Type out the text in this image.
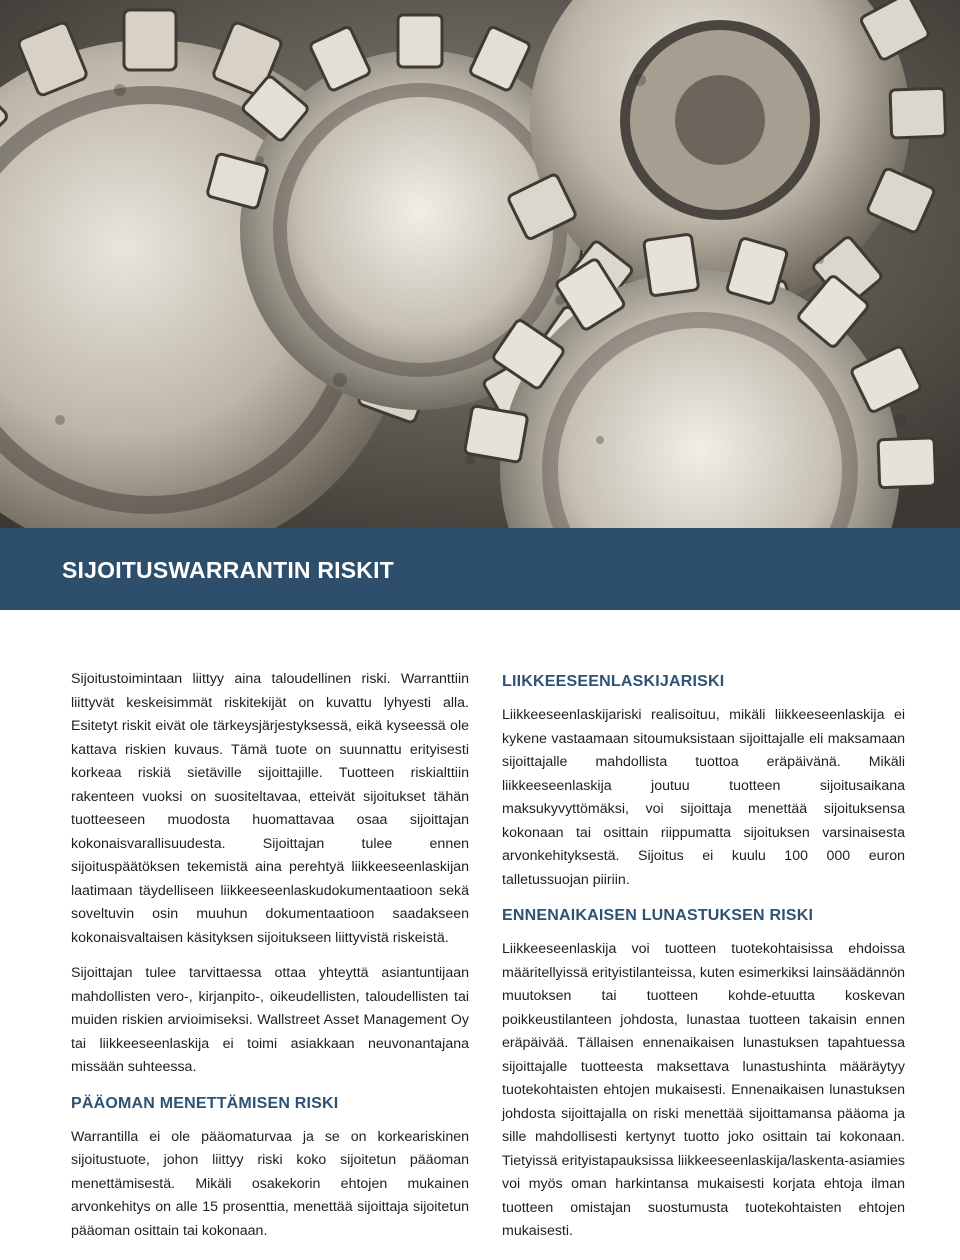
SIJOITUSWARRANTIN RISKIT

Sijoitustoimintaan liittyy aina taloudellinen riski. Warranttiin liittyvät keskeisimmät riskitekijät on kuvattu lyhyesti alla. Esitetyt riskit eivät ole tärkeysjärjestyksessä, eikä kyseessä ole kattava riskien kuvaus. Tämä tuote on suunnattu erityisesti korkeaa riskiä sietäville sijoittajille. Tuotteen riskialttiin rakenteen vuoksi on suositeltavaa, etteivät sijoitukset tähän tuotteeseen muodosta huomattavaa osaa sijoittajan kokonaisvarallisuudesta. Sijoittajan tulee ennen sijoituspäätöksen tekemistä aina perehtyä liikkeeseenlaskijan laatimaan täydelliseen liikkeeseenlaskudokumentaatioon sekä soveltuvin osin muuhun dokumentaatioon saadakseen kokonaisvaltaisen käsityksen sijoitukseen liittyvistä riskeistä.

Sijoittajan tulee tarvittaessa ottaa yhteyttä asiantuntijaan mahdollisten vero-, kirjanpito-, oikeudellisten, taloudellisten tai muiden riskien arvioimiseksi. Wallstreet Asset Management Oy tai liikkeeseenlaskija ei toimi asiakkaan neuvonantajana missään suhteessa.

PÄÄOMAN MENETTÄMISEN RISKI

Warrantilla ei ole pääomaturvaa ja se on korkeariskinen sijoitustuote, johon liittyy riski koko sijoitetun pääoman menettämisestä. Mikäli osakekorin ehtojen mukainen arvonkehitys on alle 15 prosenttia, menettää sijoittaja sijoitetun pääoman osittain tai kokonaan.

LIIKKEESEENLASKIJARISKI

Liikkeeseenlaskijariski realisoituu, mikäli liikkeeseenlaskija ei kykene vastaamaan sitoumuksistaan sijoittajalle eli maksamaan sijoittajalle mahdollista tuottoa eräpäivänä. Mikäli liikkeeseenlaskija joutuu tuotteen sijoitusaikana maksukyvyttömäksi, voi sijoittaja menettää sijoituksensa kokonaan tai osittain riippumatta sijoituksen varsinaisesta arvonkehityksestä. Sijoitus ei kuulu 100 000 euron talletussuojan piiriin.

ENNENAIKAISEN LUNASTUKSEN RISKI

Liikkeeseenlaskija voi tuotteen tuotekohtaisissa ehdoissa määritellyissä erityistilanteissa, kuten esimerkiksi lainsäädännön muutoksen tai tuotteen kohde-etuutta koskevan poikkeustilanteen johdosta, lunastaa tuotteen takaisin ennen eräpäivää. Tällaisen ennenaikaisen lunastuksen tapahtuessa sijoittajalle tuotteesta maksettava lunastushinta määräytyy tuotekohtaisten ehtojen mukaisesti. Ennenaikaisen lunastuksen johdosta sijoittajalla on riski menettää sijoittamansa pääoma ja sille mahdollisesti kertynyt tuotto joko osittain tai kokonaan. Tietyissä erityistapauksissa liikkeeseenlaskija/laskenta-asiamies voi myös oman harkintansa mukaisesti korjata ehtoja ilman tuotteen omistajan suostumusta tuotekohtaisten ehtojen mukaisesti.
